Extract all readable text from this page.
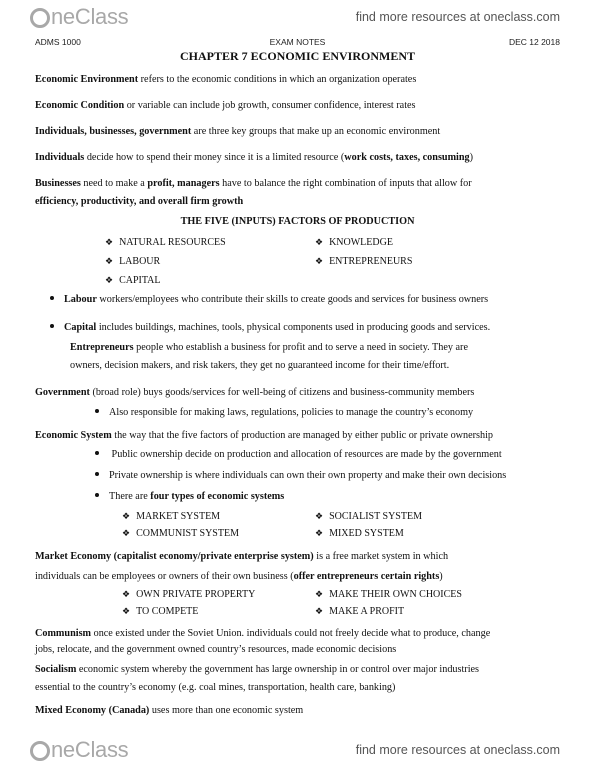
neClass	find more resources at oneclass.com
ADMS 1000	EXAM NOTES	DEC 12 2018
CHAPTER 7 ECONOMIC ENVIRONMENT
Economic Environment refers to the economic conditions in which an organization operates
Economic Condition or variable can include job growth, consumer confidence, interest rates
Individuals, businesses, government are three key groups that make up an economic environment
Individuals decide how to spend their money since it is a limited resource (work costs, taxes, consuming)
Businesses need to make a profit, managers have to balance the right combination of inputs that allow for
efficiency, productivity, and overall firm growth
THE FIVE (INPUTS) FACTORS OF PRODUCTION
❖ NATURAL RESOURCES
❖ LABOUR
❖ CAPITAL
❖ KNOWLEDGE
❖ ENTREPRENEURS
Labour workers/employees who contribute their skills to create goods and services for business owners
Capital includes buildings, machines, tools, physical components used in producing goods and services.
Entrepreneurs people who establish a business for profit and to serve a need in society. They are
owners, decision makers, and risk takers, they get no guaranteed income for their time/effort.
Government (broad role) buys goods/services for well-being of citizens and business-community members
Also responsible for making laws, regulations, policies to manage the country’s economy
Economic System the way that the five factors of production are managed by either public or private ownership
Public ownership decide on production and allocation of resources are made by the government
Private ownership is where individuals can own their own property and make their own decisions
There are four types of economic systems
❖ MARKET SYSTEM
❖ COMMUNIST SYSTEM
❖ SOCIALIST SYSTEM
❖ MIXED SYSTEM
Market Economy (capitalist economy/private enterprise system) is a free market system in which
individuals can be employees or owners of their own business (offer entrepreneurs certain rights)
❖ OWN PRIVATE PROPERTY
❖ TO COMPETE
❖ MAKE THEIR OWN CHOICES
❖ MAKE A PROFIT
Communism once existed under the Soviet Union. individuals could not freely decide what to produce, change
jobs, relocate, and the government owned country’s resources, made economic decisions
Socialism economic system whereby the government has large ownership in or control over major industries
essential to the country’s economy (e.g. coal mines, transportation, health care, banking)
Mixed Economy (Canada) uses more than one economic system
neClass	find more resources at oneclass.com
